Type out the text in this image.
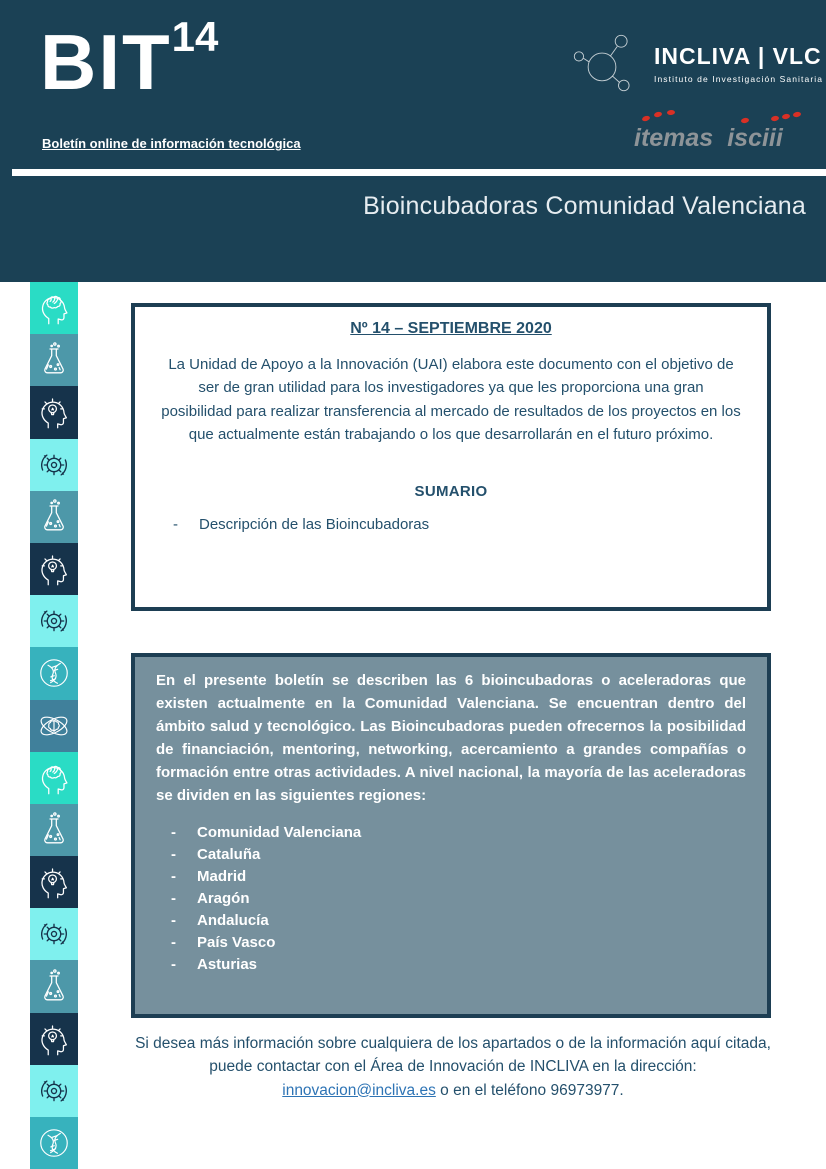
BIT$^{14}$
Boletín online de información tecnológica
INCLIVA | VLC
Instituto de Investigación Sanitaria
itemas isciii
Bioincubadoras Comunidad Valenciana
Nº 14 – SEPTIEMBRE 2020

La Unidad de Apoyo a la Innovación (UAI) elabora este documento con el objetivo de ser de gran utilidad para los investigadores ya que les proporciona una gran posibilidad para realizar transferencia al mercado de resultados de los proyectos en los que actualmente están trabajando o los que desarrollarán en el futuro próximo.

SUMARIO
- Descripción de las Bioincubadoras

En el presente boletín se describen las 6 bioincubadoras o aceleradoras que existen actualmente en la Comunidad Valenciana. Se encuentran dentro del ámbito salud y tecnológico. Las Bioincubadoras pueden ofrecernos la posibilidad de financiación, mentoring, networking, acercamiento a grandes compañías o formación entre otras actividades. A nivel nacional, la mayoría de las aceleradoras se dividen en las siguientes regiones:

- Comunidad Valenciana
- Cataluña
- Madrid
- Aragón
- Andalucía
- País Vasco
- Asturias

Si desea más información sobre cualquiera de los apartados o de la información aquí citada, puede contactar con el Área de Innovación de INCLIVA en la dirección: innovacion@incliva.es o en el teléfono 96973977.
